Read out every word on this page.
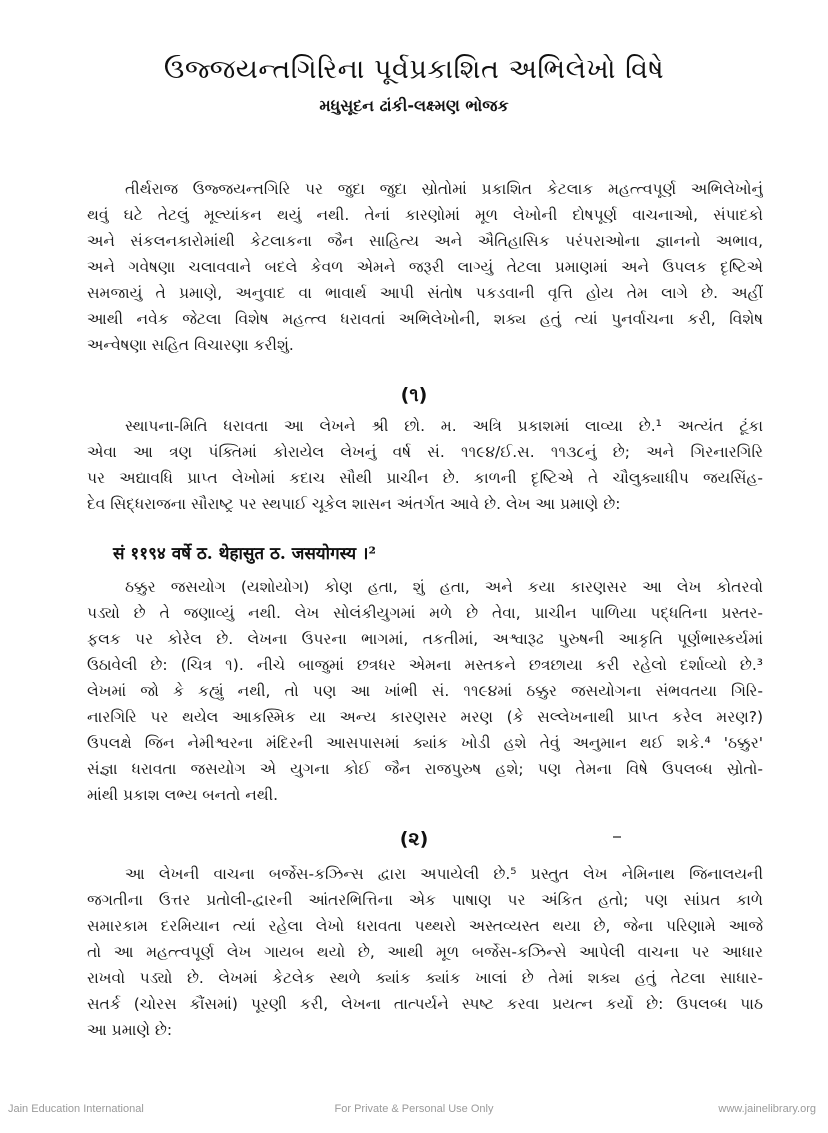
ઉજ્જયન્તગિરિના પૂર્વપ્રકાશિત અભિલેખો વિષે
મધુસૂદન ઢાંકી-લક્ષ્મણ ભોજક
તીર્થરાજ ઉજ્જયન્તગિરિ પર જુદા જુદા સ્રોતોમાં પ્રકાશિત કેટલાક મહત્ત્વપૂર્ણ અભિલેખોનું
થવું ઘટે તેટલું મૂલ્યાંકન થયું નથી. તેનાં કારણોમાં મૂળ લેખોની દોષપૂર્ણ વાચનાઓ, સંપાદકો
અને સંકલનકારોમાંથી કેટલાકના જૈન સાહિત્ય અને ઐતિહાસિક પરંપરાઓના જ્ઞાનનો અભાવ,
અને ગવેષણા ચલાવવાને બદલે કેવળ એમને જરૂરી લાગ્યું તેટલા પ્રમાણમાં અને ઉપલક દૃષ્ટિએ
સમજાયું તે પ્રમાણે, અનુવાદ વા ભાવાર્થ આપી સંતોષ પકડવાની વૃત્તિ હોય તેમ લાગે છે. અહીં
આથી નવેક જેટલા વિશેષ મહત્ત્વ ધરાવતાં અભિલેખોની, શક્ય હતું ત્યાં પુનર્વાચના કરી, વિશેષ
અન્વેષણા સહિત વિચારણા કરીશું.
(૧)
સ્થાપના-મિતિ ધરાવતા આ લેખને શ્રી છો. મ. અત્રિ પ્રકાશમાં લાવ્યા છે.¹ અત્યંત ટૂંકા
એવા આ ત્રણ પંક્તિમાં કોરાયેલ લેખનું વર્ષ સં. ૧૧૯૪/ઈ.સ. ૧૧૩૮નું છે; અને ગિરનારગિરિ
પર અદ્યાવધિ પ્રાપ્ત લેખોમાં કદાચ સૌથી પ્રાચીન છે. કાળની દૃષ્ટિએ તે ચૌલુક્યાધીપ જયસિંહ-
દેવ સિદ્ધરાજના સૌરાષ્ટ્ર પર સ્થપાઈ ચૂકેલ શાસન અંતર્ગત આવે છે. લેખ આ પ્રમાણે છે:
सं ११९४ वर्षे ठ. थेहासुत ठ. जसयोगस्य ।²
ઠક્કુર જસયોગ (યશોયોગ) કોણ હતા, શું હતા, અને કયા કારણસર આ લેખ કોતરવો
પડ્યો છે તે જણાવ્યું નથી. લેખ સોલંકીયુગમાં મળે છે તેવા, પ્રાચીન પાળિયા પદ્ધતિના પ્રસ્તર-
ફલક પર કોરેલ છે. લેખના ઉપરના ભાગમાં, તકતીમાં, અશ્વારૂઢ પુરુષની આકૃતિ પૂર્ણભાસ્કર્યમાં
ઉઠાવેલી છે: (ચિત્ર ૧). નીચે બાજુમાં છત્રધર એમના મસ્તકને છત્રછાયા કરી રહેલો દર્શાવ્યો છે.³
લેખમાં જો કે કહ્યું નથી, તો પણ આ ખાંભી સં. ૧૧૯૪માં ઠક્કુર જસયોગના સંભવતયા ગિરિ-
નારગિરિ પર થયેલ આકસ્મિક યા અન્ય કારણસર મરણ (કે સલ્લેખનાથી પ્રાપ્ત કરેલ મરણ?)
ઉપલક્ષે જિન નેમીશ્વરના મંદિરની આસપાસમાં ક્યાંક ખોડી હશે તેવું અનુમાન થઈ શકે.⁴ 'ઠક્કુર'
સંજ્ઞા ધરાવતા જસયોગ એ યુગના કોઈ જૈન રાજપુરુષ હશે; પણ તેમના વિષે ઉપલબ્ધ સ્રોતો-
માંથી પ્રકાશ લભ્ય બનતો નથી.
(૨)
આ લેખની વાચના બર્જેસ-કઝિન્સ દ્વારા અપાયેલી છે.⁵ પ્રસ્તુત લેખ નેમિનાથ જિનાલયની
જગતીના ઉત્તર પ્રતોલી-દ્વારની આંતરભિત્તિના એક પાષાણ પર અંકિત હતો; પણ સાંપ્રત કાળે
સમારકામ દરમિયાન ત્યાં રહેલા લેખો ધરાવતા પથ્થરો અસ્તવ્યસ્ત થયા છે, જેના પરિણામે આજે
તો આ મહત્ત્વપૂર્ણ લેખ ગાયબ થયો છે, આથી મૂળ બર્જેસ-કઝિન્સે આપેલી વાચના પર આધાર
રાખવો પડ્યો છે. લેખમાં કેટલેક સ્થળે ક્યાંક ક્યાંક ખાલાં છે તેમાં શક્ય હતું તેટલા સાધાર-
સતર્ક (ચોરસ કૌંસમાં) પૂરણી કરી, લેખના તાત્પર્યને સ્પષ્ટ કરવા પ્રયત્ન કર્યો છે: ઉપલબ્ધ પાઠ
આ પ્રમાણે છે:
Jain Education International	For Private & Personal Use Only	www.jainelibrary.org
